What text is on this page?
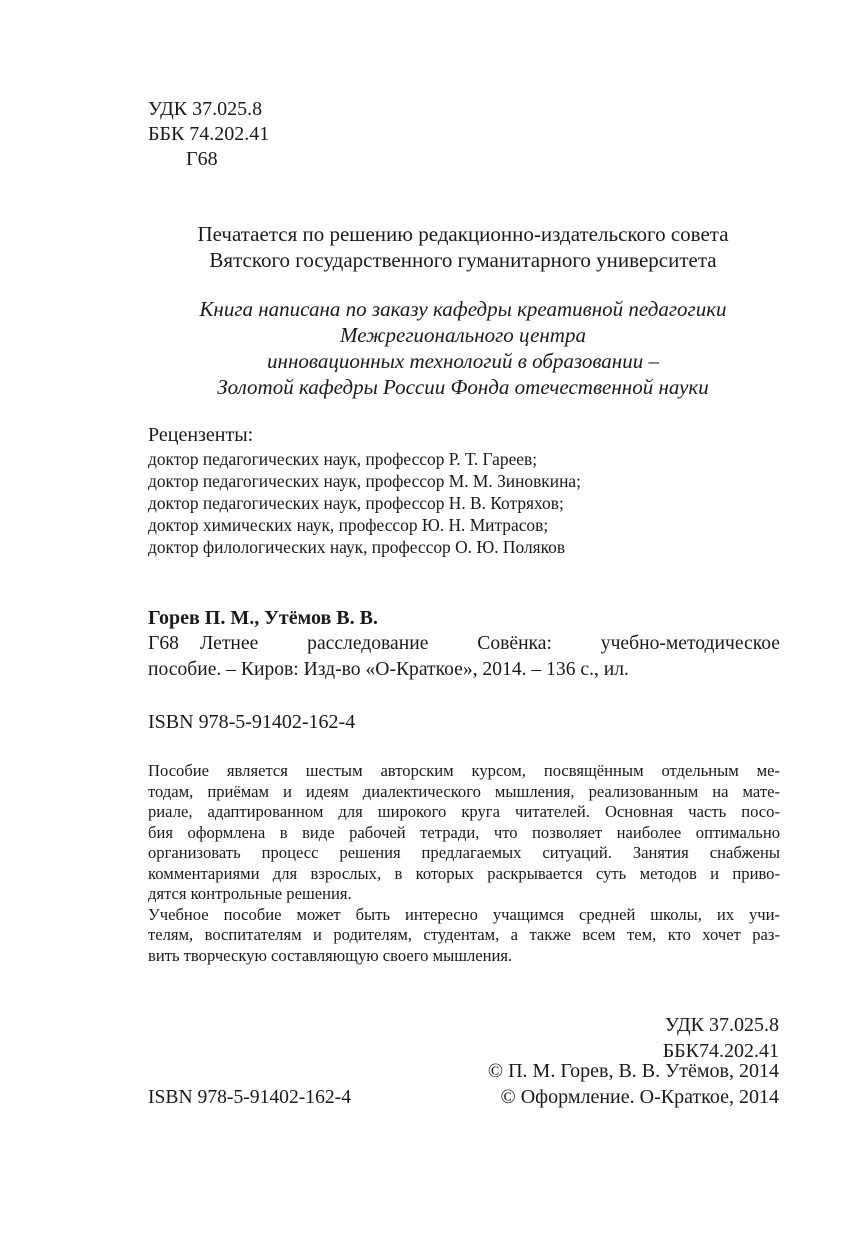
УДК 37.025.8
ББК 74.202.41
Г68
Печатается по решению редакционно-издательского совета
Вятского государственного гуманитарного университета
Книга написана по заказу кафедры креативной педагогики
Межрегионального центра
инновационных технологий в образовании –
Золотой кафедры России Фонда отечественной науки
Рецензенты:
доктор педагогических наук, профессор Р. Т. Гареев;
доктор педагогических наук, профессор М. М. Зиновкина;
доктор педагогических наук, профессор Н. В. Котряхов;
доктор химических наук, профессор Ю. Н. Митрасов;
доктор филологических наук, профессор О. Ю. Поляков
Горев П. М., Утёмов В. В.
Г68	Летнее расследование Совёнка: учебно-методическое
пособие. – Киров: Изд-во «О-Краткое», 2014. – 136 с., ил.
ISBN 978-5-91402-162-4

Пособие является шестым авторским курсом, посвящённым отдельным ме-
тодам, приёмам и идеям диалектического мышления, реализованным на мате-
риале, адаптированном для широкого круга читателей. Основная часть посо-
бия оформлена в виде рабочей тетради, что позволяет наиболее оптимально
организовать процесс решения предлагаемых ситуаций. Занятия снабжены
комментариями для взрослых, в которых раскрывается суть методов и приво-
дятся контрольные решения.

Учебное пособие может быть интересно учащимся средней школы, их учи-
телям, воспитателям и родителям, студентам, а также всем тем, кто хочет раз-
вить творческую составляющую своего мышления.

УДК 37.025.8
ББК74.202.41
© П. М. Горев, В. В. Утёмов, 2014
© Оформление. О-Краткое, 2014
ISBN 978-5-91402-162-4
